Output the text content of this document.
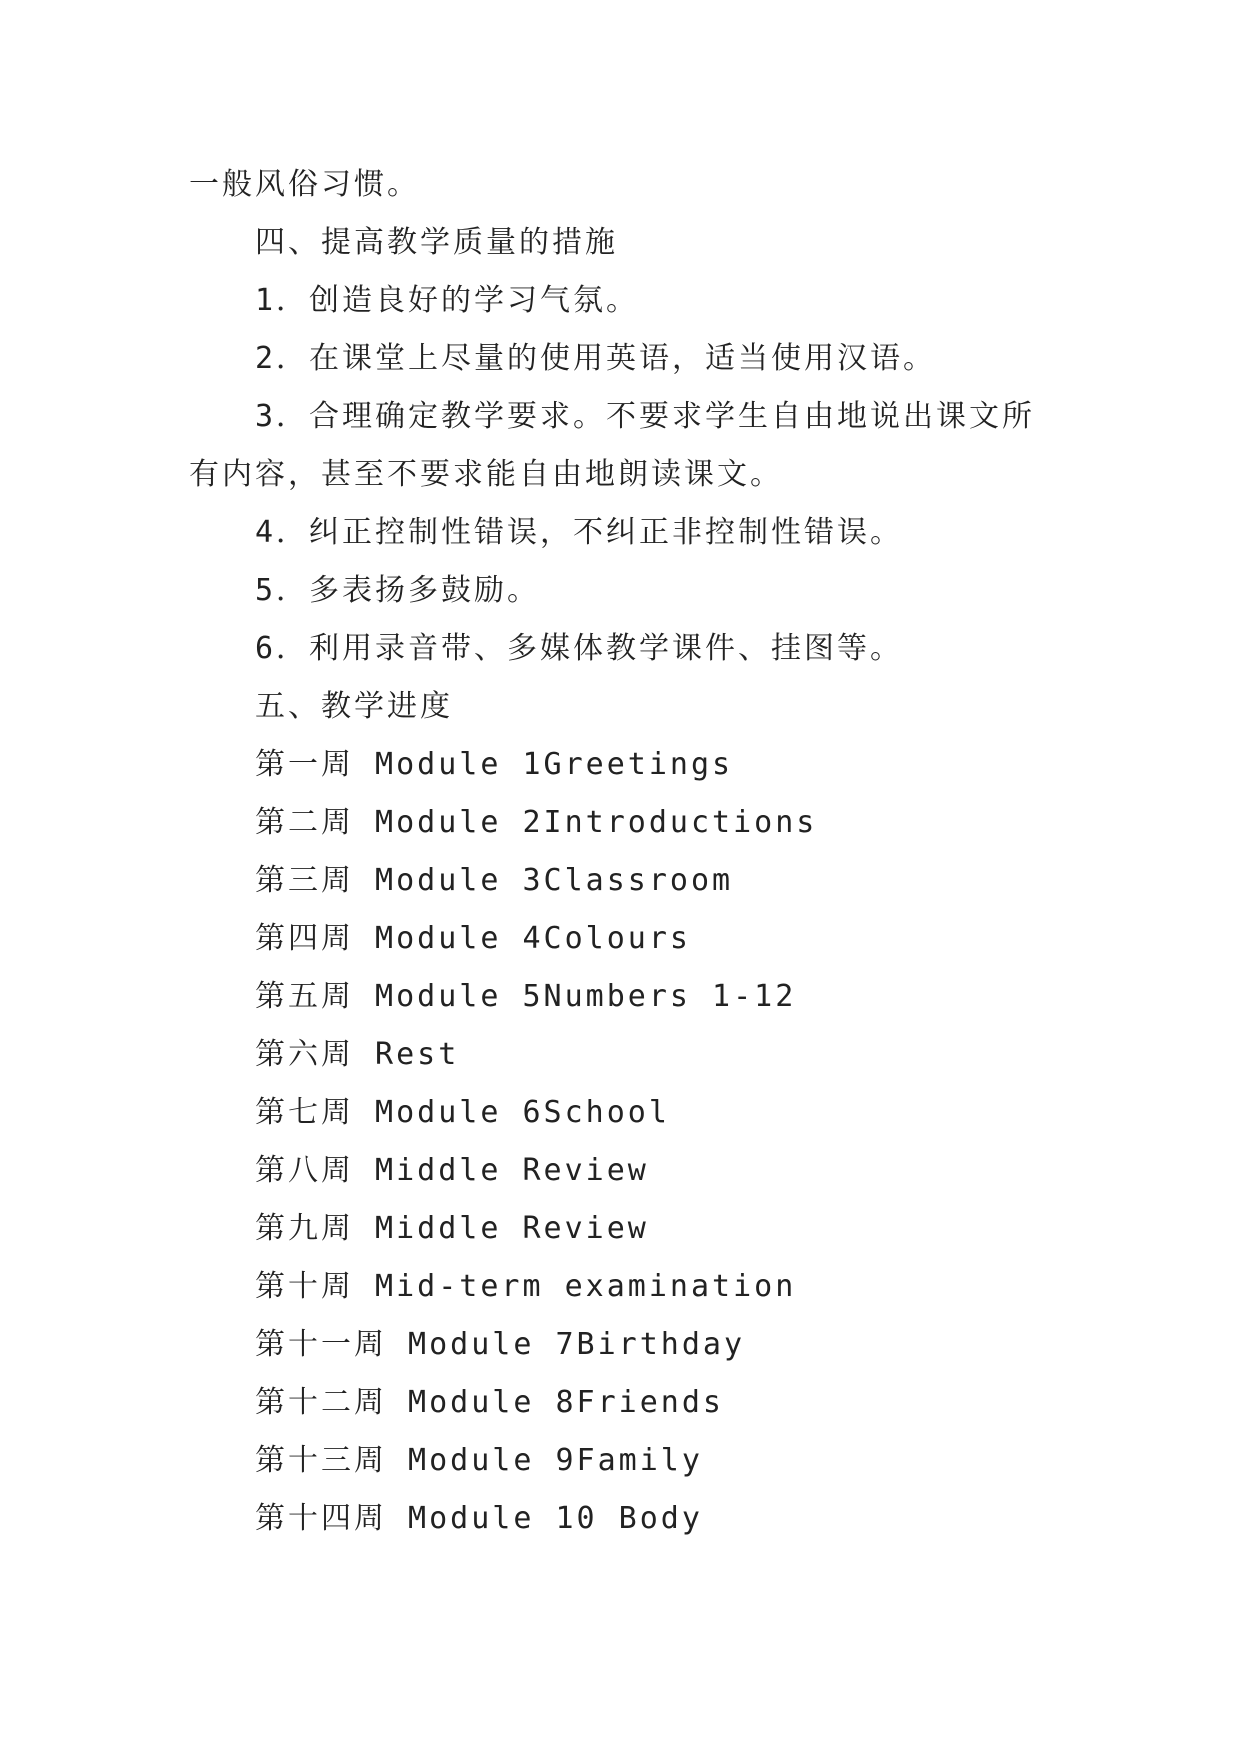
一般风俗习惯。
四、提高教学质量的措施
1．创造良好的学习气氛。
2．在课堂上尽量的使用英语，适当使用汉语。
3．合理确定教学要求。不要求学生自由地说出课文所
有内容，甚至不要求能自由地朗读课文。
4．纠正控制性错误，不纠正非控制性错误。
5．多表扬多鼓励。
6．利用录音带、多媒体教学课件、挂图等。
五、教学进度
第一周 Module 1Greetings
第二周 Module 2Introductions
第三周 Module 3Classroom
第四周 Module 4Colours
第五周 Module 5Numbers 1-12
第六周 Rest
第七周 Module 6School
第八周 Middle Review
第九周 Middle Review
第十周 Mid-term examination
第十一周 Module 7Birthday
第十二周 Module 8Friends
第十三周 Module 9Family
第十四周 Module 10 Body
